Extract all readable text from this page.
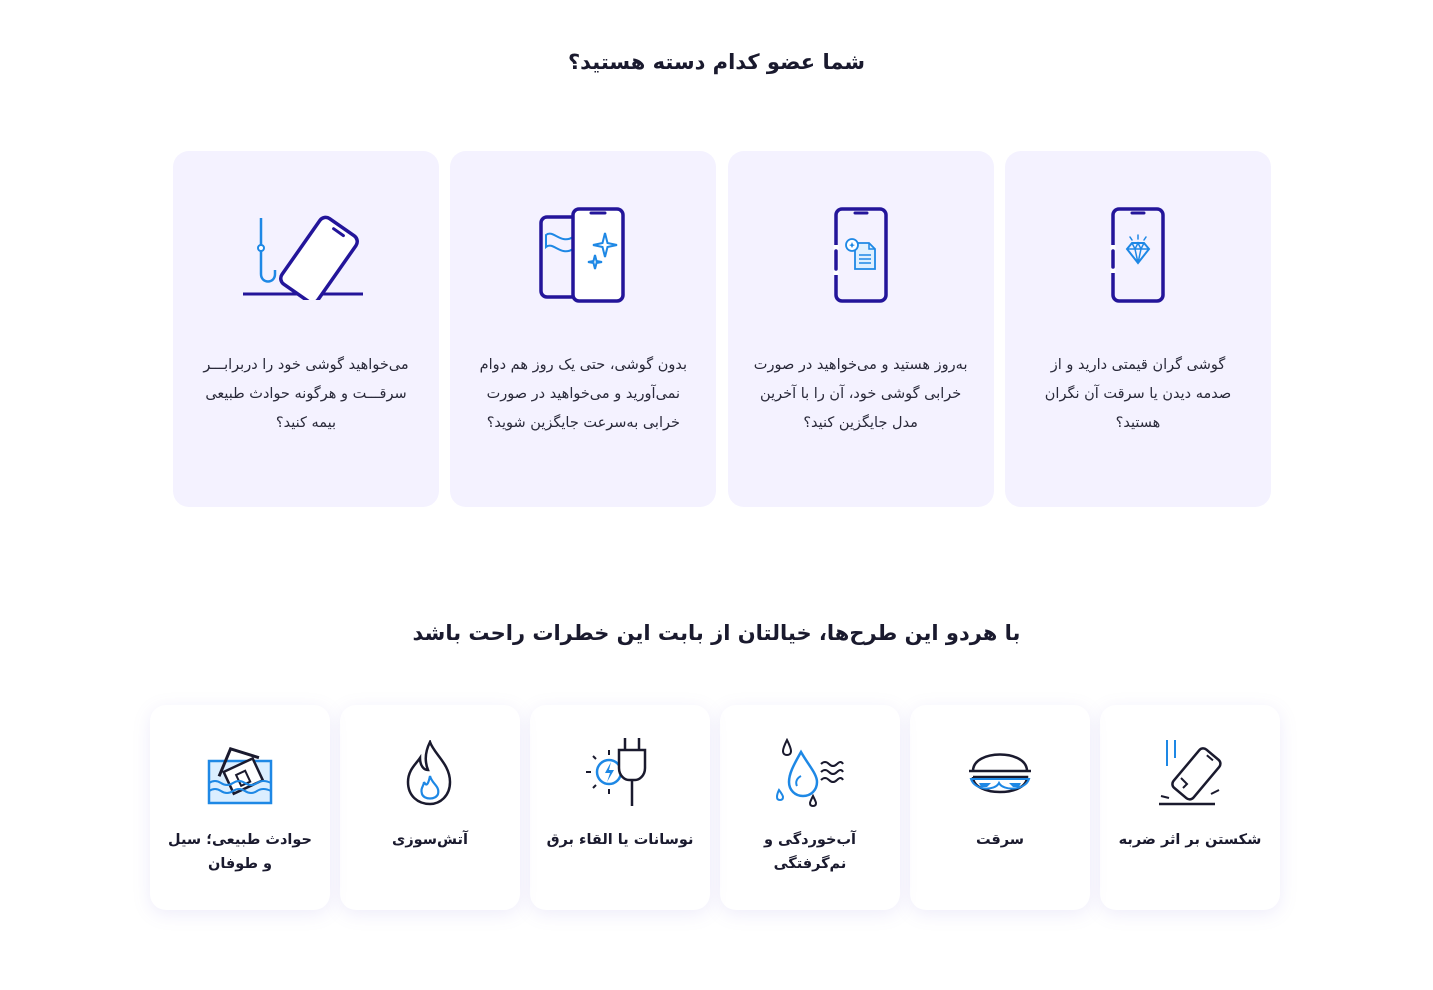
شما عضو کدام دسته هستید؟
گوشی گران قیمتی دارید و از صدمه دیدن یا سرقت آن نگران هستید؟
به‌روز هستید و می‌خواهید در صورت خرابی گوشی خود، آن را با آخرین مدل جایگزین کنید؟
بدون گوشی، حتی یک روز هم دوام نمی‌آورید و می‌خواهید در صورت خرابی به‌سرعت جایگزین شوید؟
می‌خواهید گوشی خود را دربرابـــر سرقـــت و هرگونه حوادث طبیعی بیمه کنید؟
با هردو این طرح‌ها، خیالتان از بابت این خطرات راحت باشد
شکستن بر اثر ضربه
سرقت
آب‌خوردگی و نم‌گرفتگی
نوسانات یا القاء برق
آتش‌سوزی
حوادث طبیعی؛ سیل و طوفان
